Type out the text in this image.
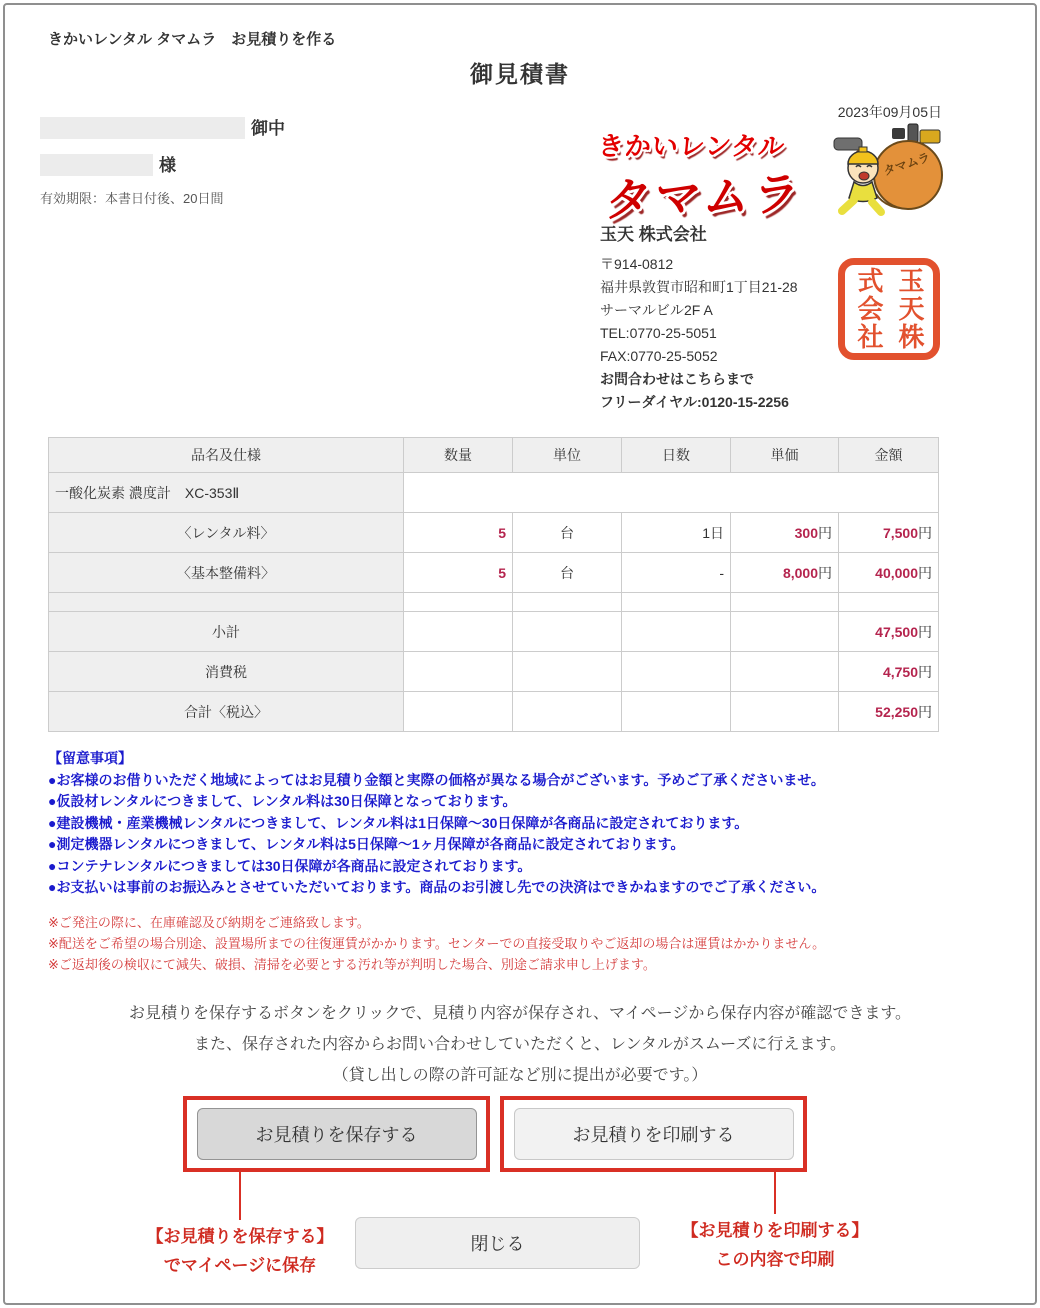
きかいレンタル タマムラ　お見積りを作る
御見積書
2023年09月05日
御中
様
有効期限：本書日付後、20日間
きかいレンタル
タマムラ
タマムラ
玉天 株式会社
〒914-0812
福井県敦賀市昭和町1丁目21-28
サーマルビル2F A
TEL:0770-25-5051
FAX:0770-25-5052
お問合わせはこちらまで
フリーダイヤル:0120-15-2256
玉天株
式会社
品名及仕様	数量	単位	日数	単価	金額
一酸化炭素 濃度計　XC-353Ⅱ					
〈レンタル料〉	5	台	1日	300円	7,500円
〈基本整備料〉	5	台	-	8,000円	40,000円

小計					47,500円
消費税					4,750円
合計〈税込〉					52,250円
【留意事項】
●お客様のお借りいただく地域によってはお見積り金額と実際の価格が異なる場合がございます。予めご了承くださいませ。
●仮設材レンタルにつきまして、レンタル料は30日保障となっております。
●建設機械・産業機械レンタルにつきまして、レンタル料は1日保障～30日保障が各商品に設定されております。
●測定機器レンタルにつきまして、レンタル料は5日保障～1ヶ月保障が各商品に設定されております。
●コンテナレンタルにつきましては30日保障が各商品に設定されております。
●お支払いは事前のお振込みとさせていただいております。商品のお引渡し先での決済はできかねますのでご了承ください。
※ご発注の際に、在庫確認及び納期をご連絡致します。
※配送をご希望の場合別途、設置場所までの往復運賃がかかります。センターでの直接受取りやご返却の場合は運賃はかかりません。
※ご返却後の検収にて減失、破損、清掃を必要とする汚れ等が判明した場合、別途ご請求申し上げます。
お見積りを保存するボタンをクリックで、見積り内容が保存され、マイページから保存内容が確認できます。
また、保存された内容からお問い合わせしていただくと、レンタルがスムーズに行えます。
（貸し出しの際の許可証など別に提出が必要です。）
お見積りを保存する	お見積りを印刷する
閉じる
【お見積りを保存する】
でマイページに保存
【お見積りを印刷する】
この内容で印刷
